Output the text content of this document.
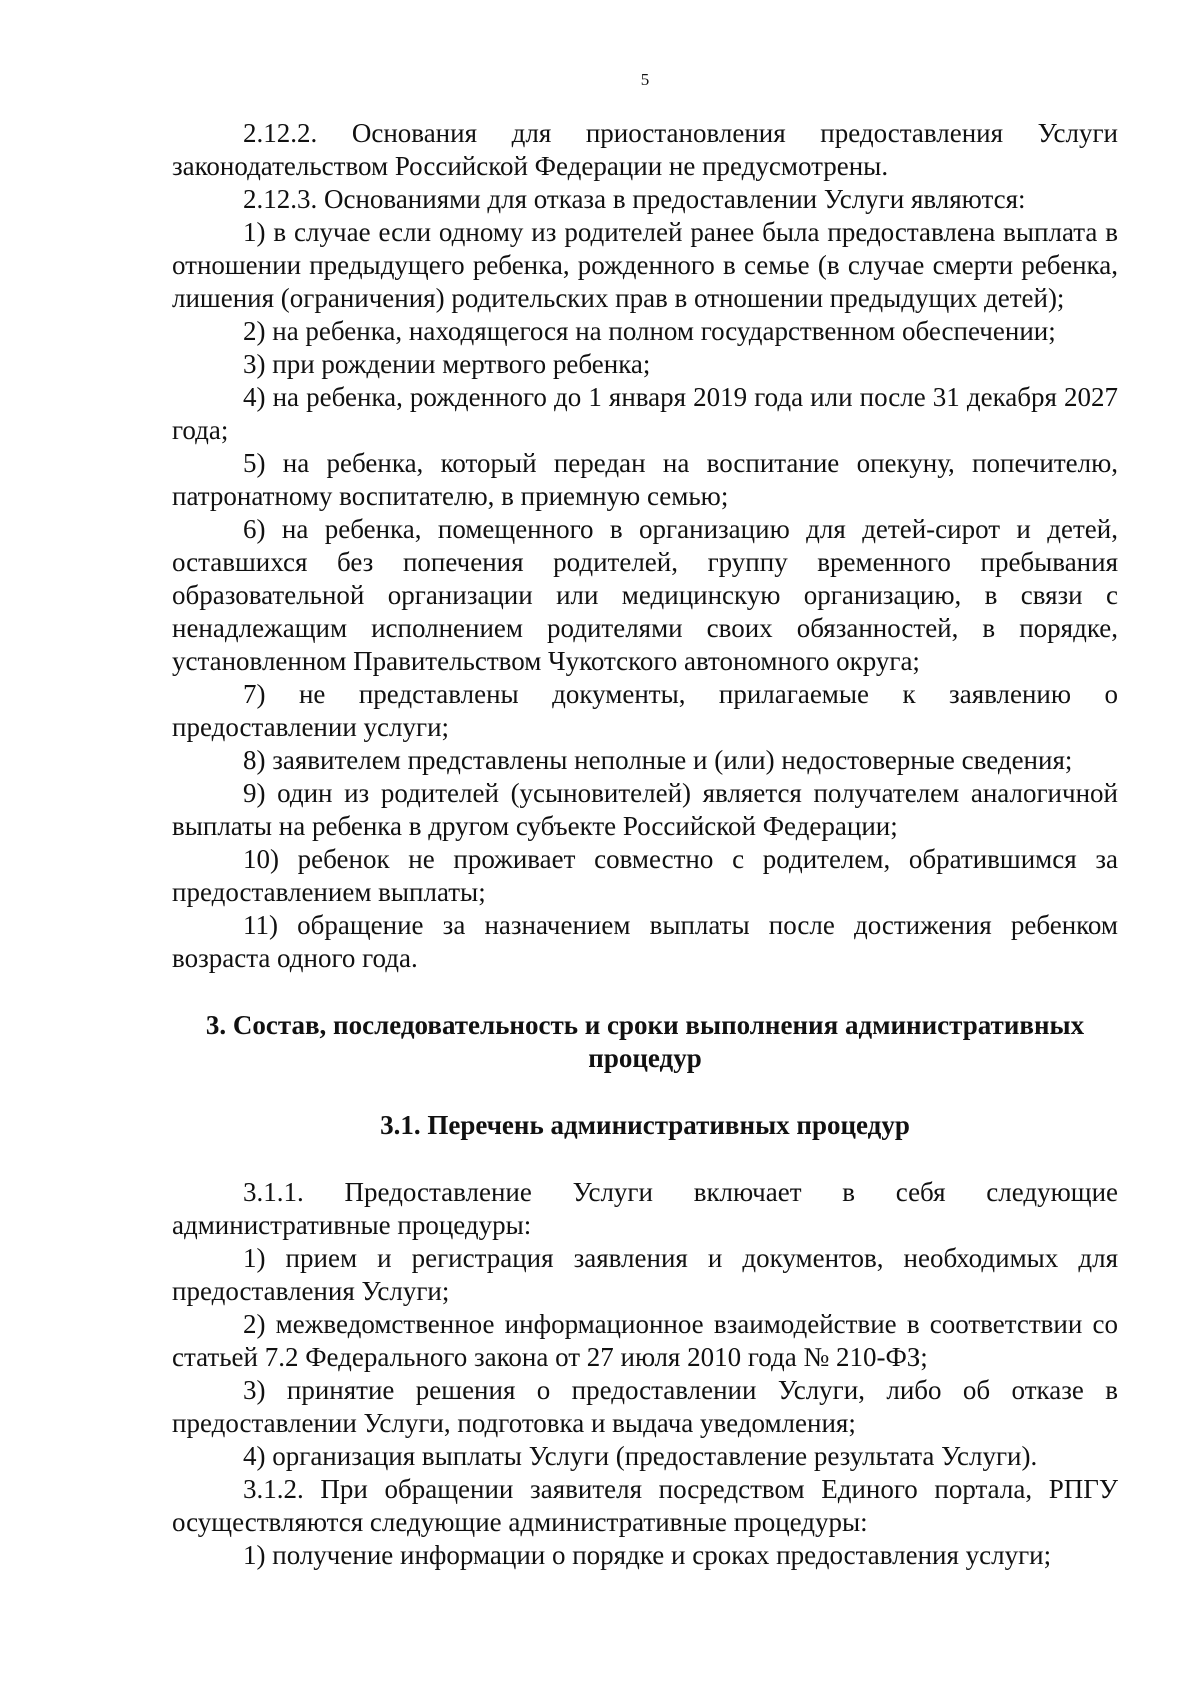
5

2.12.2. Основания для приостановления предоставления Услуги законодательством Российской Федерации не предусмотрены.

2.12.3. Основаниями для отказа в предоставлении Услуги являются:

1) в случае если одному из родителей ранее была предоставлена выплата в отношении предыдущего ребенка, рожденного в семье (в случае смерти ребенка, лишения (ограничения) родительских прав в отношении предыдущих детей);

2) на ребенка, находящегося на полном государственном обеспечении;

3) при рождении мертвого ребенка;

4) на ребенка, рожденного до 1 января 2019 года или после 31 декабря 2027 года;

5) на ребенка, который передан на воспитание опекуну, попечителю, патронатному воспитателю, в приемную семью;

6) на ребенка, помещенного в организацию для детей-сирот и детей, оставшихся без попечения родителей, группу временного пребывания образовательной организации или медицинскую организацию, в связи с ненадлежащим исполнением родителями своих обязанностей, в порядке, установленном Правительством Чукотского автономного округа;

7) не представлены документы, прилагаемые к заявлению о предоставлении услуги;

8) заявителем представлены неполные и (или) недостоверные сведения;

9) один из родителей (усыновителей) является получателем аналогичной выплаты на ребенка в другом субъекте Российской Федерации;

10) ребенок не проживает совместно с родителем, обратившимся за предоставлением выплаты;

11) обращение за назначением выплаты после достижения ребенком возраста одного года.

3. Состав, последовательность и сроки выполнения административных процедур

3.1. Перечень административных процедур

3.1.1. Предоставление Услуги включает в себя следующие административные процедуры:

1) прием и регистрация заявления и документов, необходимых для предоставления Услуги;

2) межведомственное информационное взаимодействие в соответствии со статьей 7.2 Федерального закона от 27 июля 2010 года № 210-ФЗ;

3) принятие решения о предоставлении Услуги, либо об отказе в предоставлении Услуги, подготовка и выдача уведомления;

4) организация выплаты Услуги (предоставление результата Услуги).

3.1.2. При обращении заявителя посредством Единого портала, РПГУ осуществляются следующие административные процедуры:

1) получение информации о порядке и сроках предоставления услуги;
